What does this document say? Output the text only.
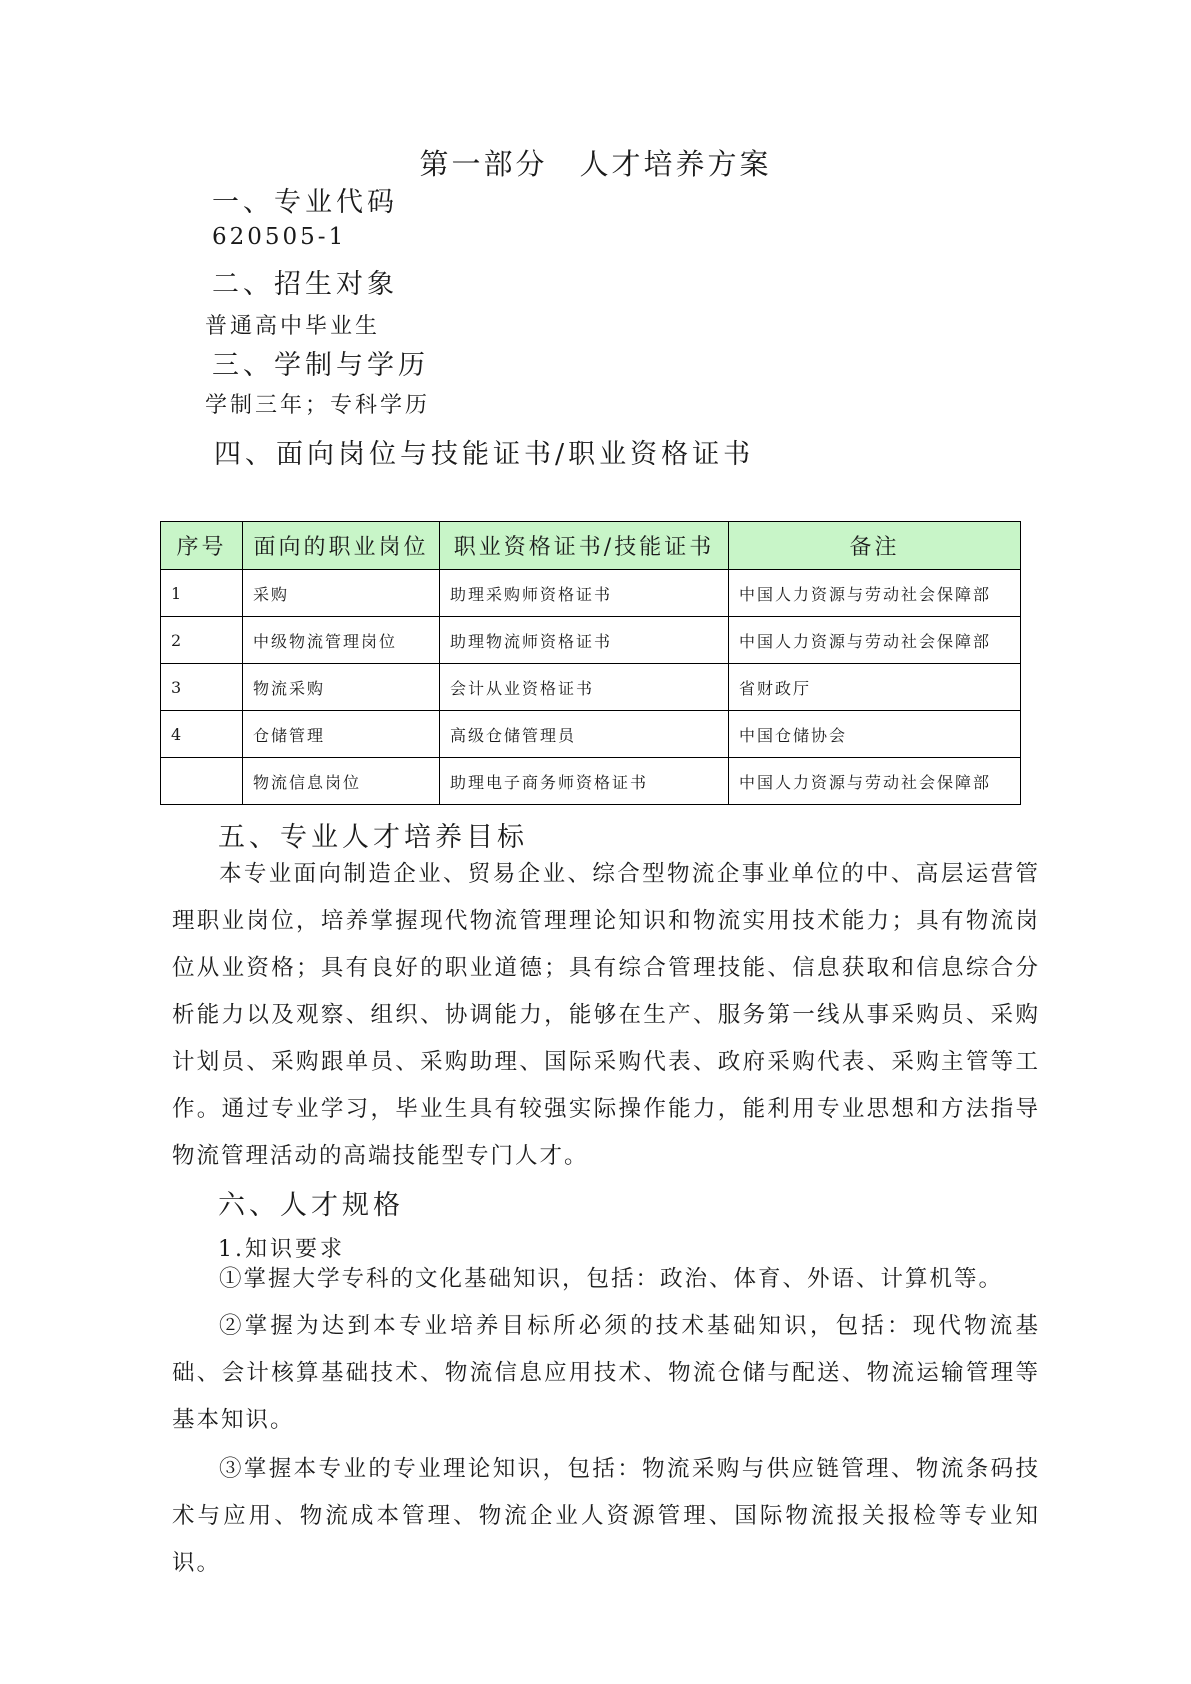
第一部分　人才培养方案
一、专业代码
620505-1
二、招生对象
普通高中毕业生
三、学制与学历
学制三年；专科学历
四、面向岗位与技能证书/职业资格证书
序号	面向的职业岗位	职业资格证书/技能证书	备注
1	采购	助理采购师资格证书	中国人力资源与劳动社会保障部
2	中级物流管理岗位	助理物流师资格证书	中国人力资源与劳动社会保障部
3	物流采购	会计从业资格证书	省财政厅
4	仓储管理	高级仓储管理员	中国仓储协会
	物流信息岗位	助理电子商务师资格证书	中国人力资源与劳动社会保障部
五、专业人才培养目标

本专业面向制造企业、贸易企业、综合型物流企事业单位的中、高层运营管理职业岗位，培养掌握现代物流管理理论知识和物流实用技术能力；具有物流岗位从业资格；具有良好的职业道德；具有综合管理技能、信息获取和信息综合分析能力以及观察、组织、协调能力，能够在生产、服务第一线从事采购员、采购计划员、采购跟单员、采购助理、国际采购代表、政府采购代表、采购主管等工作。通过专业学习，毕业生具有较强实际操作能力，能利用专业思想和方法指导物流管理活动的高端技能型专门人才。

六、人才规格
1.知识要求

①掌握大学专科的文化基础知识，包括：政治、体育、外语、计算机等。

②掌握为达到本专业培养目标所必须的技术基础知识，包括：现代物流基础、会计核算基础技术、物流信息应用技术、物流仓储与配送、物流运输管理等基本知识。

③掌握本专业的专业理论知识，包括：物流采购与供应链管理、物流条码技术与应用、物流成本管理、物流企业人资源管理、国际物流报关报检等专业知识。
